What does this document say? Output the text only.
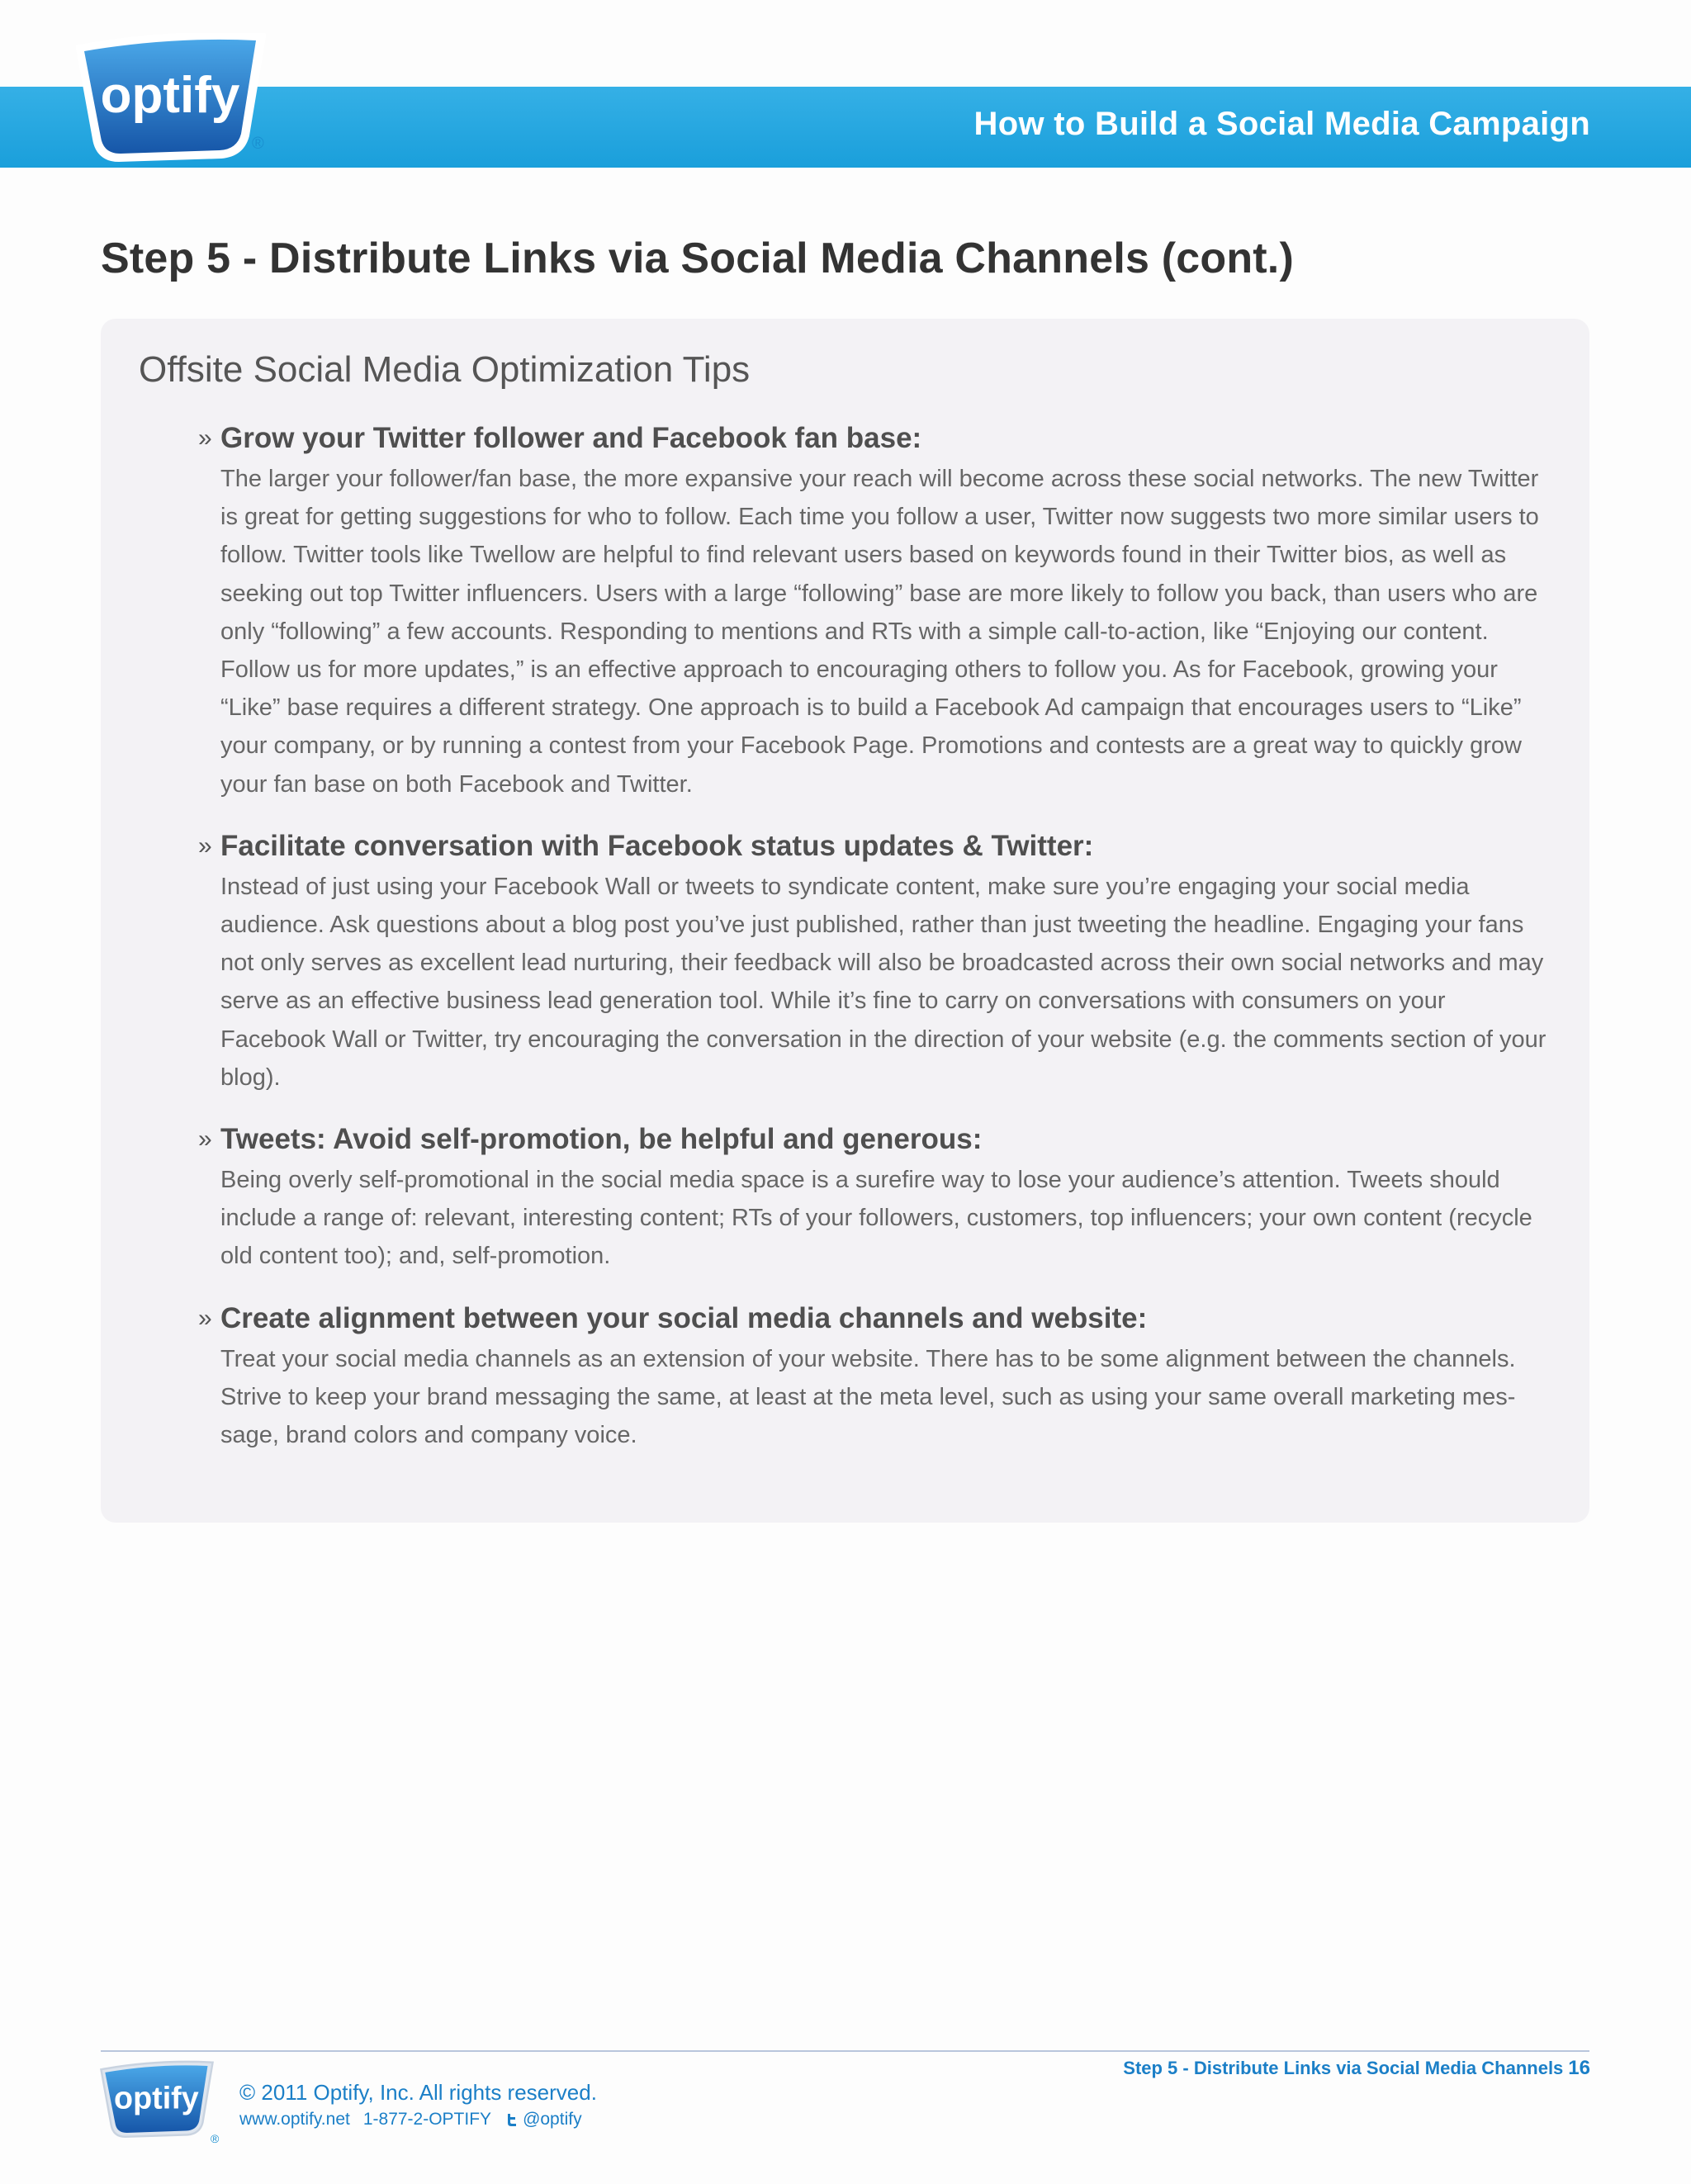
optify
®
How to Build a Social Media Campaign
Step 5 - Distribute Links via Social Media Channels (cont.)
Offsite Social Media Optimization Tips
» Grow your Twitter follower and Facebook fan base:

The larger your follower/fan base, the more expansive your reach will become across these social networks. The new Twitter is great for getting suggestions for who to follow. Each time you follow a user, Twitter now suggests two more similar users to follow. Twitter tools like Twellow are helpful to find relevant users based on keywords found in their Twitter bios, as well as seeking out top Twitter influencers. Users with a large “following” base are more likely to follow you back, than users who are only “following” a few accounts. Responding to mentions and RTs with a simple call-to-action, like “Enjoying our content. Follow us for more updates,” is an effective approach to encouraging others to follow you. As for Facebook, growing your “Like” base requires a different strategy. One approach is to build a Facebook Ad campaign that encourages users to “Like” your company, or by running a contest from your Facebook Page. Promotions and contests are a great way to quickly grow your fan base on both Facebook and Twitter.

» Facilitate conversation with Facebook status updates & Twitter:

Instead of just using your Facebook Wall or tweets to syndicate content, make sure you’re engaging your social media audience. Ask questions about a blog post you’ve just published, rather than just tweeting the headline. Engaging your fans not only serves as excellent lead nurturing, their feedback will also be broadcasted across their own social networks and may serve as an effective business lead generation tool. While it’s fine to carry on conversations with consumers on your Facebook Wall or Twitter, try encouraging the conversation in the direction of your website (e.g. the comments section of your blog).

» Tweets: Avoid self-promotion, be helpful and generous:

Being overly self-promotional in the social media space is a surefire way to lose your audience’s attention. Tweets should include a range of: relevant, interesting content; RTs of your followers, customers, top influencers; your own content (recycle old content too); and, self-promotion.

» Create alignment between your social media channels and website:

Treat your social media channels as an extension of your website. There has to be some alignment between the channels. Strive to keep your brand messaging the same, at least at the meta level, such as using your same overall marketing mes-sage, brand colors and company voice.

Step 5 - Distribute Links via Social Media Channels 16
optify
®
© 2011 Optify, Inc. All rights reserved.
www.optify.net 1-877-2-OPTIFY @optify
